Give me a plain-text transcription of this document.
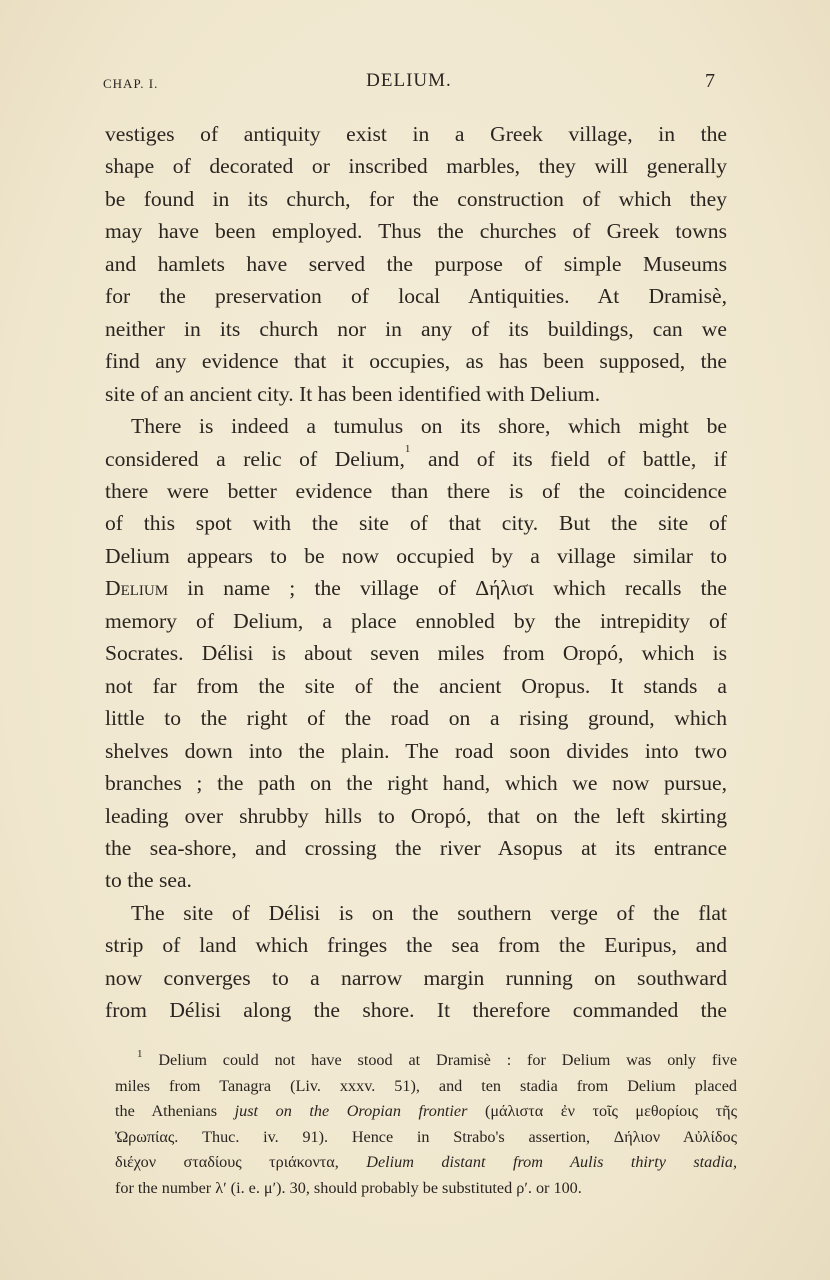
CHAP. I.	DELIUM.	7
vestiges of antiquity exist in a Greek village, in the
shape of decorated or inscribed marbles, they will generally
be found in its church, for the construction of which they
may have been employed. Thus the churches of Greek towns
and hamlets have served the purpose of simple Museums
for the preservation of local Antiquities. At Dramisè,
neither in its church nor in any of its buildings, can we
find any evidence that it occupies, as has been supposed, the
site of an ancient city. It has been identified with Delium.
There is indeed a tumulus on its shore, which might be
considered a relic of Delium,$^1$ and of its field of battle, if
there were better evidence than there is of the coincidence
of this spot with the site of that city. But the site of
Delium appears to be now occupied by a village similar to
Delium in name ; the village of Δήλισι which recalls the
memory of Delium, a place ennobled by the intrepidity of
Socrates. Délisi is about seven miles from Oropó, which is
not far from the site of the ancient Oropus. It stands a
little to the right of the road on a rising ground, which
shelves down into the plain. The road soon divides into two
branches ; the path on the right hand, which we now pursue,
leading over shrubby hills to Oropó, that on the left skirting
the sea-shore, and crossing the river Asopus at its entrance
to the sea.
The site of Délisi is on the southern verge of the flat
strip of land which fringes the sea from the Euripus, and
now converges to a narrow margin running on southward
from Délisi along the shore. It therefore commanded the
$^1$ Delium could not have stood at Dramisè : for Delium was only five
miles from Tanagra (Liv. xxxv. 51), and ten stadia from Delium placed
the Athenians just on the Oropian frontier (μάλιστα ἐν τοῖς μεθορίοις τῆς
Ὠρωπίας. Thuc. iv. 91). Hence in Strabo's assertion, Δήλιον Αὐλίδος
διέχον σταδίους τριάκοντα, Delium distant from Aulis thirty stadia,
for the number λʹ (i. e. μʹ). 30, should probably be substituted ρʹ. or 100.
